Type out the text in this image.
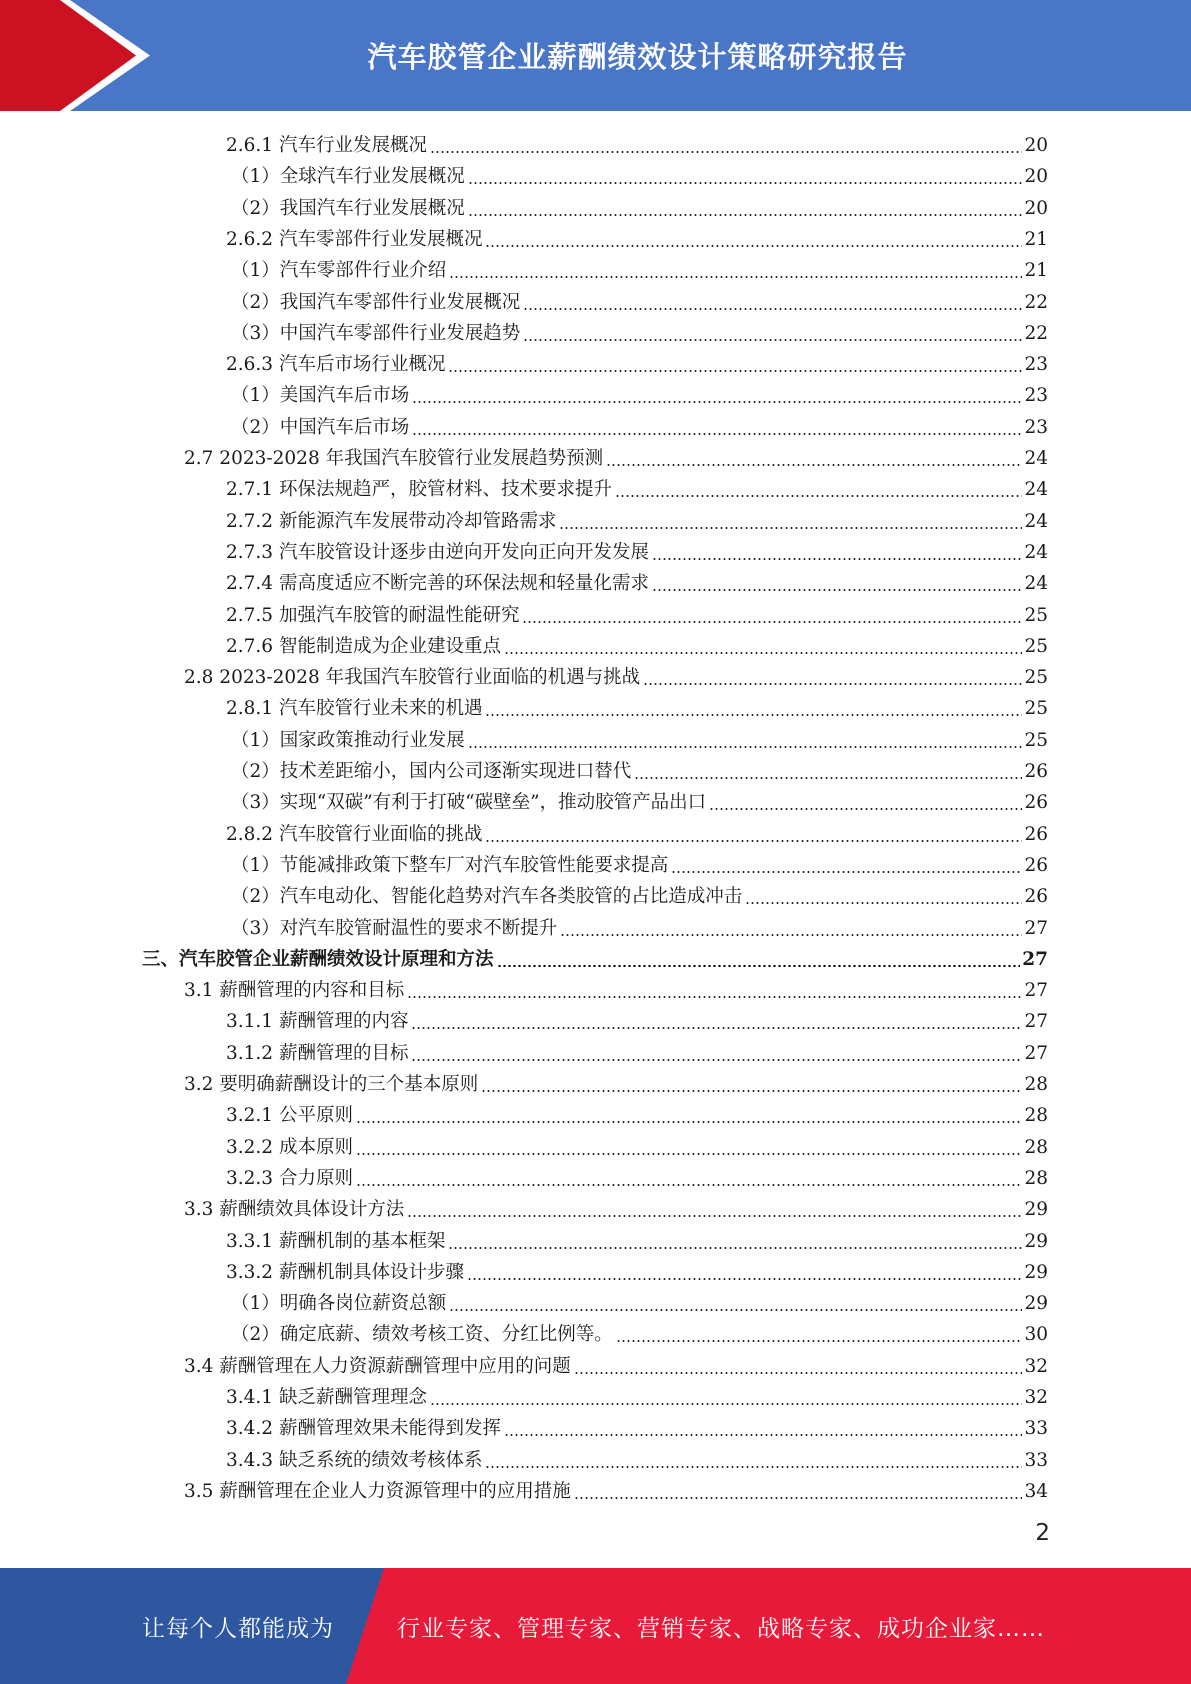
汽车胶管企业薪酬绩效设计策略研究报告
2.6.1 汽车行业发展概况	20
（1）全球汽车行业发展概况	20
（2）我国汽车行业发展概况	20
2.6.2 汽车零部件行业发展概况	21
（1）汽车零部件行业介绍	21
（2）我国汽车零部件行业发展概况	22
（3）中国汽车零部件行业发展趋势	22
2.6.3 汽车后市场行业概况	23
（1）美国汽车后市场	23
（2）中国汽车后市场	23
2.7 2023-2028 年我国汽车胶管行业发展趋势预测	24
2.7.1 环保法规趋严，胶管材料、技术要求提升	24
2.7.2 新能源汽车发展带动冷却管路需求	24
2.7.3 汽车胶管设计逐步由逆向开发向正向开发发展	24
2.7.4 需高度适应不断完善的环保法规和轻量化需求	24
2.7.5 加强汽车胶管的耐温性能研究	25
2.7.6 智能制造成为企业建设重点	25
2.8 2023-2028 年我国汽车胶管行业面临的机遇与挑战	25
2.8.1 汽车胶管行业未来的机遇	25
（1）国家政策推动行业发展	25
（2）技术差距缩小，国内公司逐渐实现进口替代	26
（3）实现“双碳”有利于打破“碳壁垒”，推动胶管产品出口	26
2.8.2 汽车胶管行业面临的挑战	26
（1）节能减排政策下整车厂对汽车胶管性能要求提高	26
（2）汽车电动化、智能化趋势对汽车各类胶管的占比造成冲击	26
（3）对汽车胶管耐温性的要求不断提升	27
三、汽车胶管企业薪酬绩效设计原理和方法	27
3.1 薪酬管理的内容和目标	27
3.1.1 薪酬管理的内容	27
3.1.2 薪酬管理的目标	27
3.2 要明确薪酬设计的三个基本原则	28
3.2.1 公平原则	28
3.2.2 成本原则	28
3.2.3 合力原则	28
3.3 薪酬绩效具体设计方法	29
3.3.1 薪酬机制的基本框架	29
3.3.2 薪酬机制具体设计步骤	29
（1）明确各岗位薪资总额	29
（2）确定底薪、绩效考核工资、分红比例等。	30
3.4 薪酬管理在人力资源薪酬管理中应用的问题	32
3.4.1 缺乏薪酬管理理念	32
3.4.2 薪酬管理效果未能得到发挥	33
3.4.3 缺乏系统的绩效考核体系	33
3.5 薪酬管理在企业人力资源管理中的应用措施	34
2
让每个人都能成为	行业专家、管理专家、营销专家、战略专家、成功企业家……
